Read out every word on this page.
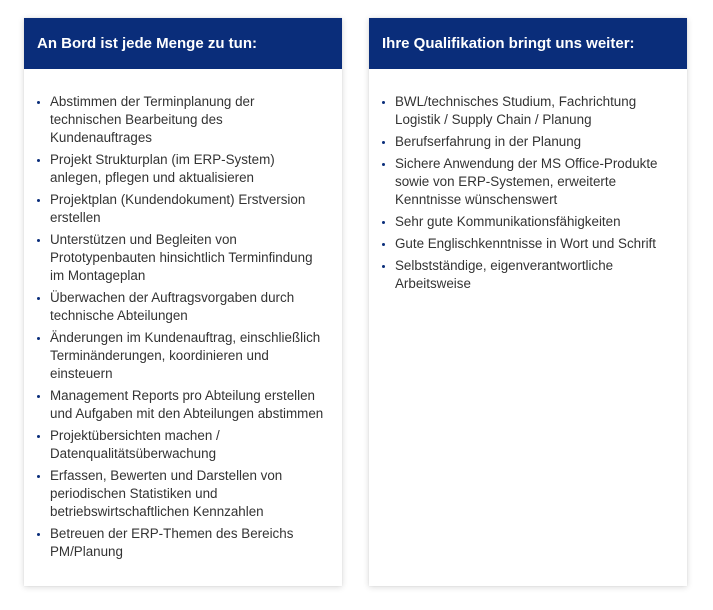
An Bord ist jede Menge zu tun:
Abstimmen der Terminplanung der technischen Bearbeitung des Kundenauftrages
Projekt Strukturplan (im ERP-System) anlegen, pflegen und aktualisieren
Projektplan (Kundendokument) Erstversion erstellen
Unterstützen und Begleiten von Prototypenbauten hinsichtlich Terminfindung im Montageplan
Überwachen der Auftragsvorgaben durch technische Abteilungen
Änderungen im Kundenauftrag, einschließlich Terminänderungen, koordinieren und einsteuern
Management Reports pro Abteilung erstellen und Aufgaben mit den Abteilungen abstimmen
Projektübersichten machen / Datenqualitätsüberwachung
Erfassen, Bewerten und Darstellen von periodischen Statistiken und betriebswirtschaftlichen Kennzahlen
Betreuen der ERP-Themen des Bereichs PM/Planung
Ihre Qualifikation bringt uns weiter:
BWL/technisches Studium, Fachrichtung Logistik / Supply Chain / Planung
Berufserfahrung in der Planung
Sichere Anwendung der MS Office-Produkte sowie von ERP-Systemen, erweiterte Kenntnisse wünschenswert
Sehr gute Kommunikationsfähigkeiten
Gute Englischkenntnisse in Wort und Schrift
Selbstständige, eigenverantwortliche Arbeitsweise
